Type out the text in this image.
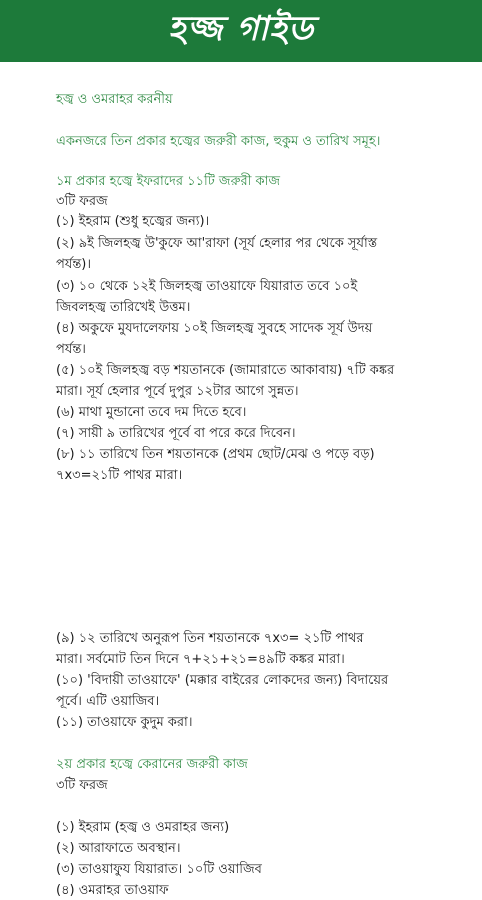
হজ্জ গাইড
হজ্ব ও ওমরাহর করনীয়
একনজরে তিন প্রকার হজ্বের জরুরী কাজ, হুকুম ও তারিখ সমূহ।
১ম প্রকার হজ্বে ইফরাদের ১১টি জরুরী কাজ
৩টি ফরজ
(১) ইহরাম (শুধু হজ্বের জন্য)।
(২) ৯ই জিলহজ্ব উ'কুফে আ'রাফা (সূর্য হেলার পর থেকে সূর্যাস্ত
পর্যন্ত)।
(৩) ১০ থেকে ১২ই জিলহজ্ব তাওয়াফে যিয়ারাত তবে ১০ই
জিবলহজ্ব তারিখেই উত্তম।
(৪) অকুফে মুযদালেফায় ১০ই জিলহজ্ব সুবহে সাদেক সূর্য উদয়
পর্যন্ত।
(৫) ১০ই জিলহজ্ব বড় শয়তানকে (জামারাতে আকাবায়) ৭টি কঙ্কর
মারা। সূর্য হেলার পূর্বে দুপুর ১২টার আগে সুন্নত।
(৬) মাথা মুন্ডানো তবে দম দিতে হবে।
(৭) সায়ী ৯ তারিখের পূর্বে বা পরে করে দিবেন।
(৮) ১১ তারিখে তিন শয়তানকে (প্রথম ছোট/মেঝ ও পড়ে বড়)
৭x৩=২১টি পাথর মারা।
(৯) ১২ তারিখে অনুরূপ তিন শয়তানকে ৭x৩= ২১টি পাথর
মারা। সর্বমোট তিন দিনে ৭+২১+২১=৪৯টি কঙ্কর মারা।
(১০) 'বিদায়ী তাওয়াফে' (মক্কার বাইরের লোকদের জন্য) বিদায়ের
পূর্বে। এটি ওয়াজিব।
(১১) তাওয়াফে কুদুম করা।
২য় প্রকার হজ্বে কেরানের জরুরী কাজ
৩টি ফরজ
(১) ইহরাম (হজ্ব ও ওমরাহর জন্য)
(২) আরাফাতে অবস্থান।
(৩) তাওয়াফুয যিয়ারাত। ১০টি ওয়াজিব
(৪) ওমরাহর তাওয়াফ
